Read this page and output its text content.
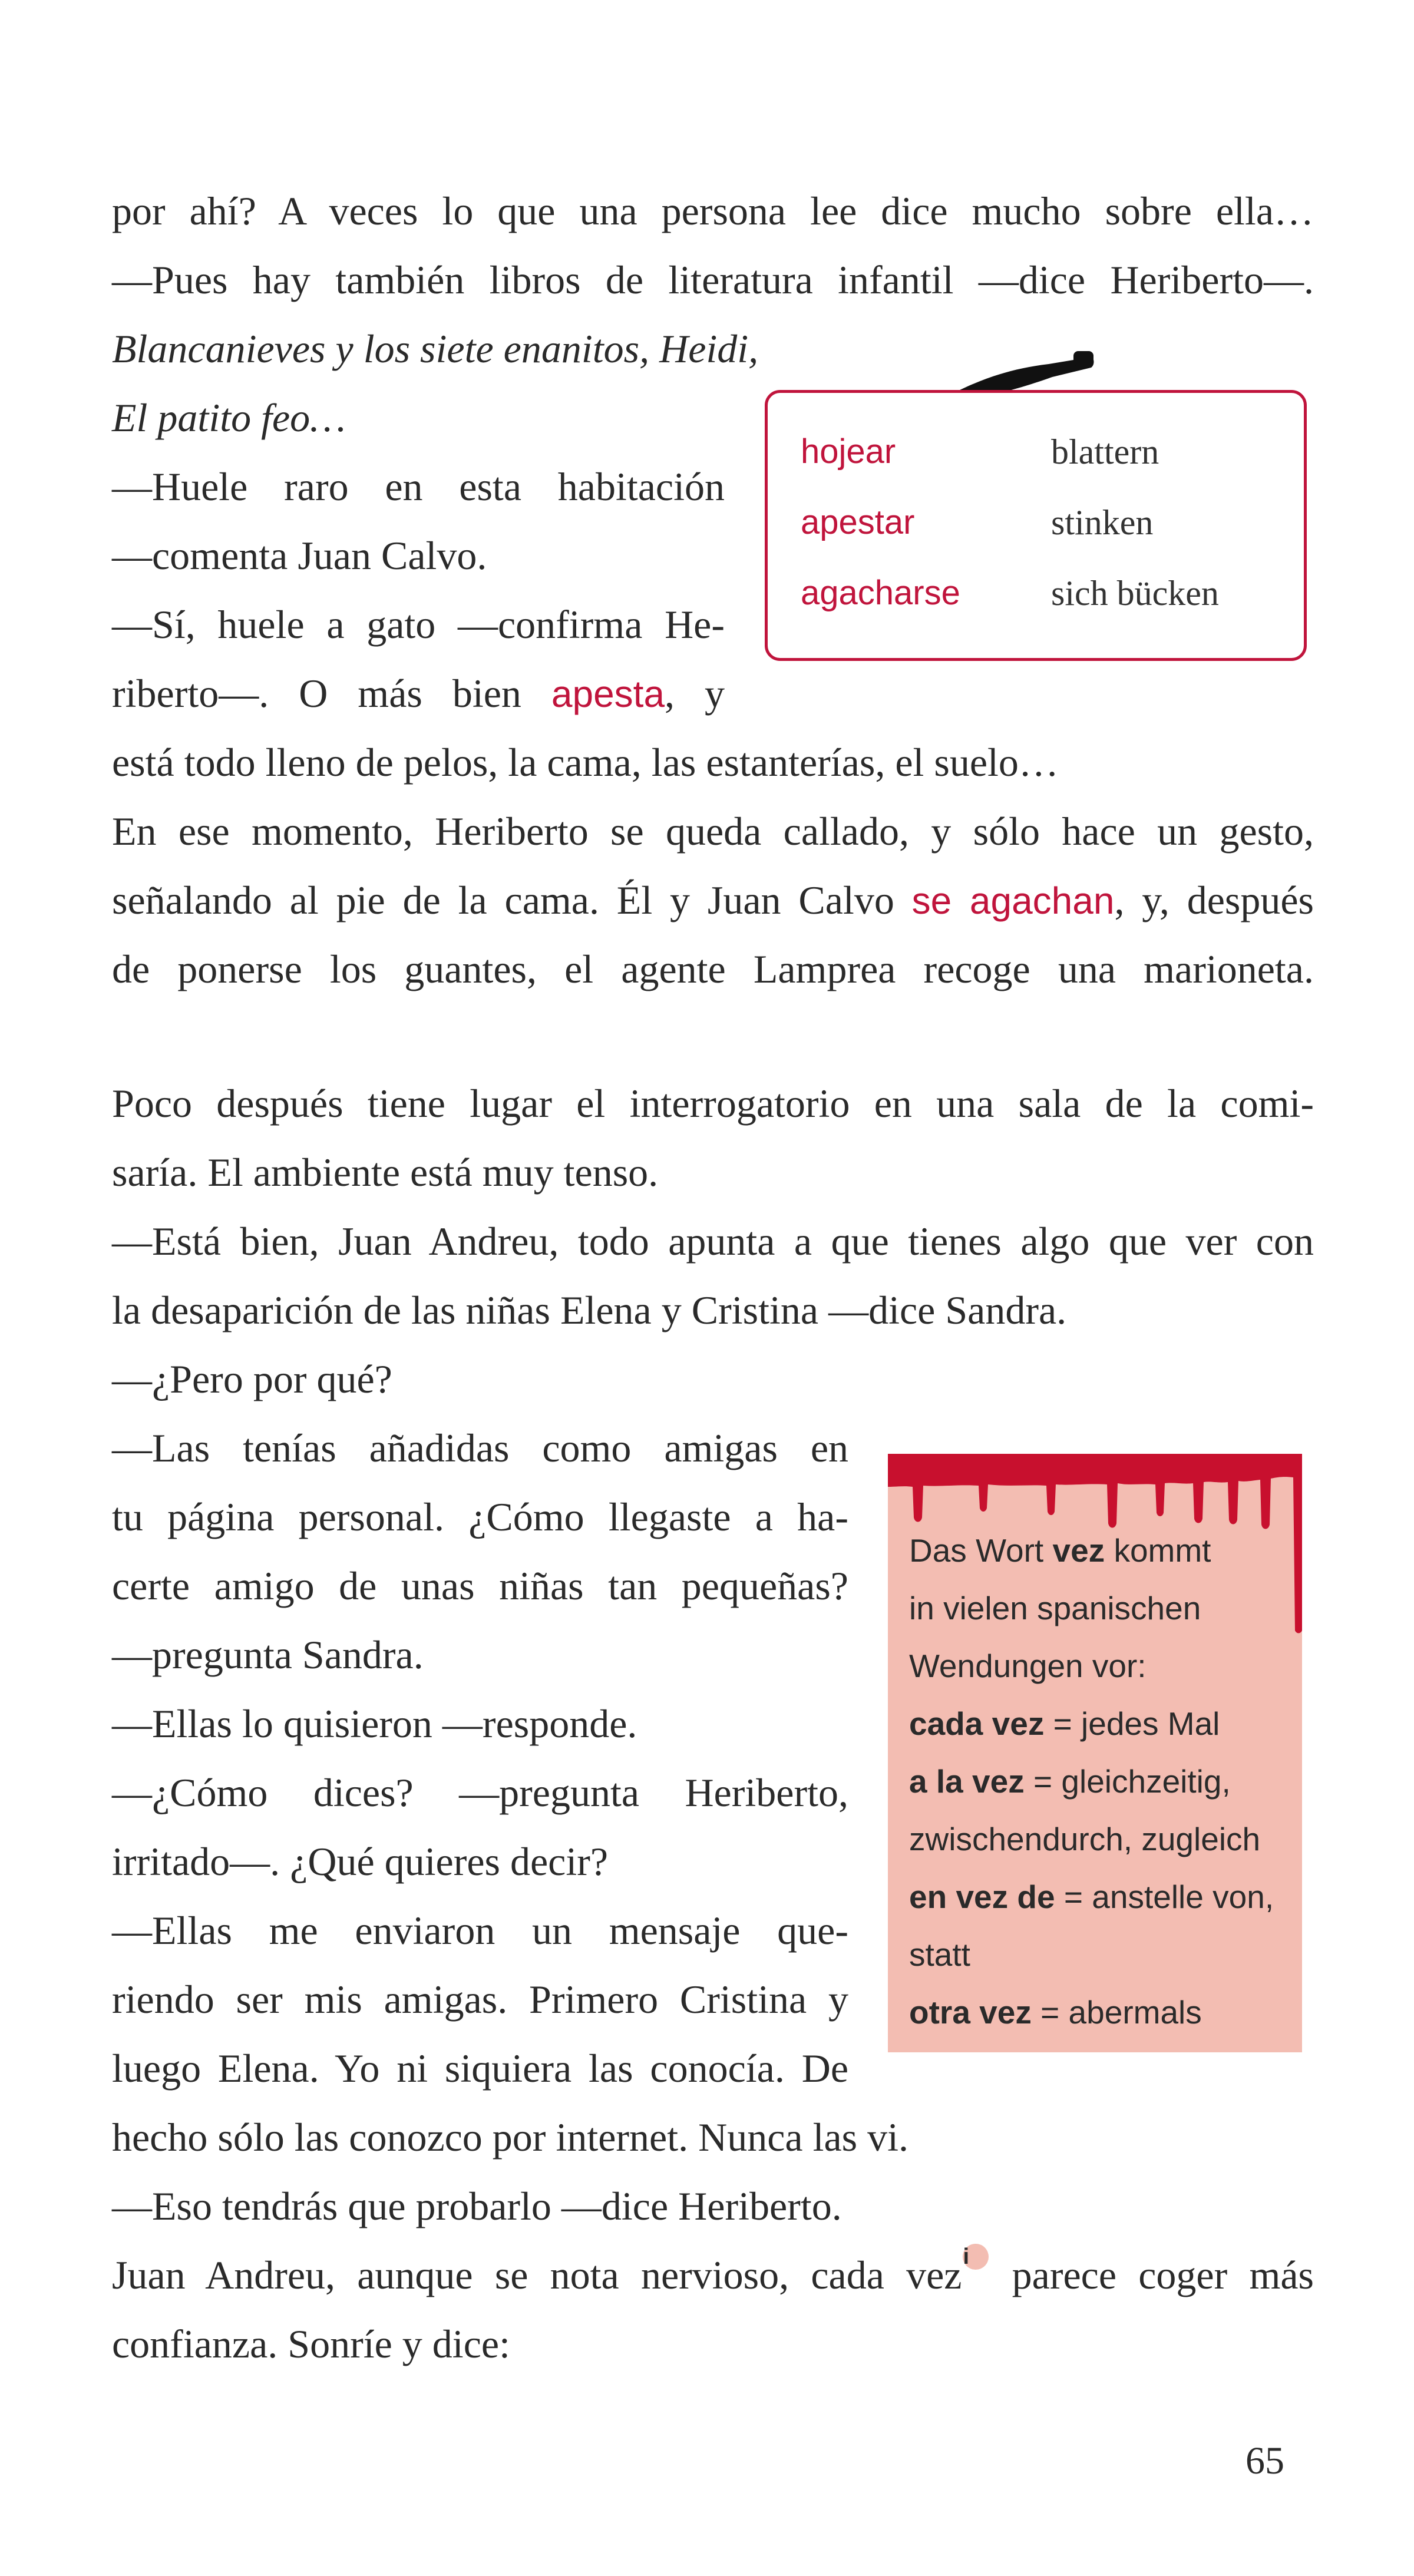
por ahí? A veces lo que una persona lee dice mucho sobre ella…
—Pues hay también libros de literatura infantil —dice Heriberto—.
Blancanieves y los siete enanitos, Heidi,
El patito feo…
—Huele raro en esta habitación
—comenta Juan Calvo.
—Sí, huele a gato —confirma He-
riberto—. O más bien apesta, y
está todo lleno de pelos, la cama, las estanterías, el suelo…
En ese momento, Heriberto se queda callado, y sólo hace un gesto,
señalando al pie de la cama. Él y Juan Calvo se agachan, y, después
de ponerse los guantes, el agente Lamprea recoge una marioneta.
hojear	blattern
apestar	stinken
agacharse	sich bücken
Poco después tiene lugar el interrogatorio en una sala de la comi-
saría. El ambiente está muy tenso.
—Está bien, Juan Andreu, todo apunta a que tienes algo que ver con
la desaparición de las niñas Elena y Cristina —dice Sandra.
—¿Pero por qué?
—Las tenías añadidas como amigas en
tu página personal. ¿Cómo llegaste a ha-
certe amigo de unas niñas tan pequeñas?
—pregunta Sandra.
—Ellas lo quisieron —responde.
—¿Cómo dices? —pregunta Heriberto,
irritado—. ¿Qué quieres decir?
—Ellas me enviaron un mensaje que-
riendo ser mis amigas. Primero Cristina y
luego Elena. Yo ni siquiera las conocía. De
hecho sólo las conozco por internet. Nunca las vi.
—Eso tendrás que probarlo —dice Heriberto.
Juan Andreu, aunque se nota nervioso, cada vezi parece coger más
confianza. Sonríe y dice:
Das Wort vez kommt
in vielen spanischen
Wendungen vor:
cada vez = jedes Mal
a la vez = gleichzeitig,
zwischendurch, zugleich
en vez de = anstelle von,
statt
otra vez = abermals
65
